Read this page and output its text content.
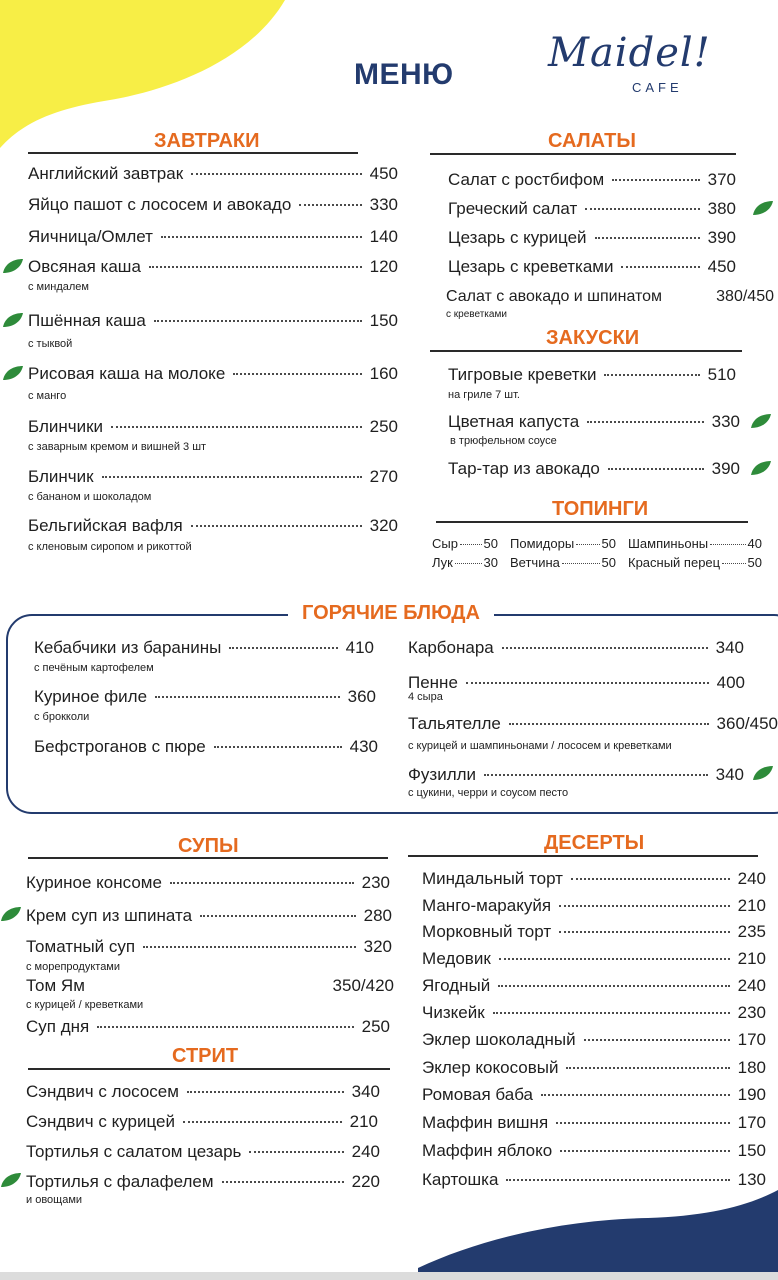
МЕНЮ Maidel!
CAFE
ЗАВТРАКИ
Английский завтрак	450
Яйцо пашот с лососем и авокадо	330
Яичница/Омлет	140
Овсяная каша	120
с миндалем
Пшённая каша	150
с тыквой
Рисовая каша на молоке	160
с манго
Блинчики	250
с заварным кремом и вишней 3 шт
Блинчик	270
с бананом и шоколадом
Бельгийская вафля	320
с кленовым сиропом и рикоттой
САЛАТЫ
Салат с ростбифом	370
Греческий салат	380
Цезарь с курицей	390
Цезарь с креветками	450
Салат с авокадо и шпинатом	380/450
с креветками
ЗАКУСКИ
Тигровые креветки	510
на гриле 7 шт.
Цветная капуста	330
в трюфельном соусе
Тар-тар из авокадо	390
ТОПИНГИ
Сыр 50 Помидоры 50 Шампиньоны	40
Лук 30 Ветчина	50 Красный перец 50
ГОРЯЧИЕ БЛЮДА
Кебабчики из баранины	410
с печёным картофелем
Куриное филе	360
с брокколи
Бефстроганов с пюре	430
Карбонара	340
Пенне	400
4 сыра
Тальятелле	360/450
с курицей и шампиньонами / лососем и креветками
Фузилли	340
с цукини, черри и соусом песто
СУПЫ
Куриное консоме	230
Крем суп из шпината	280
Томатный суп	320
с морепродуктами
Том Ям	350/420
с курицей / креветками
Суп дня	250
СТРИТ
Сэндвич с лососем	340
Сэндвич с курицей	210
Тортилья с салатом цезарь	240
Тортилья с фалафелем	220
и овощами
ДЕСЕРТЫ
Миндальный торт	240
Манго-маракуйя	210
Морковный торт	235
Медовик	210
Ягодный	240
Чизкейк	230
Эклер шоколадный	170
Эклер кокосовый	180
Ромовая баба	190
Маффин вишня	170
Маффин яблоко	150
Картошка	130
